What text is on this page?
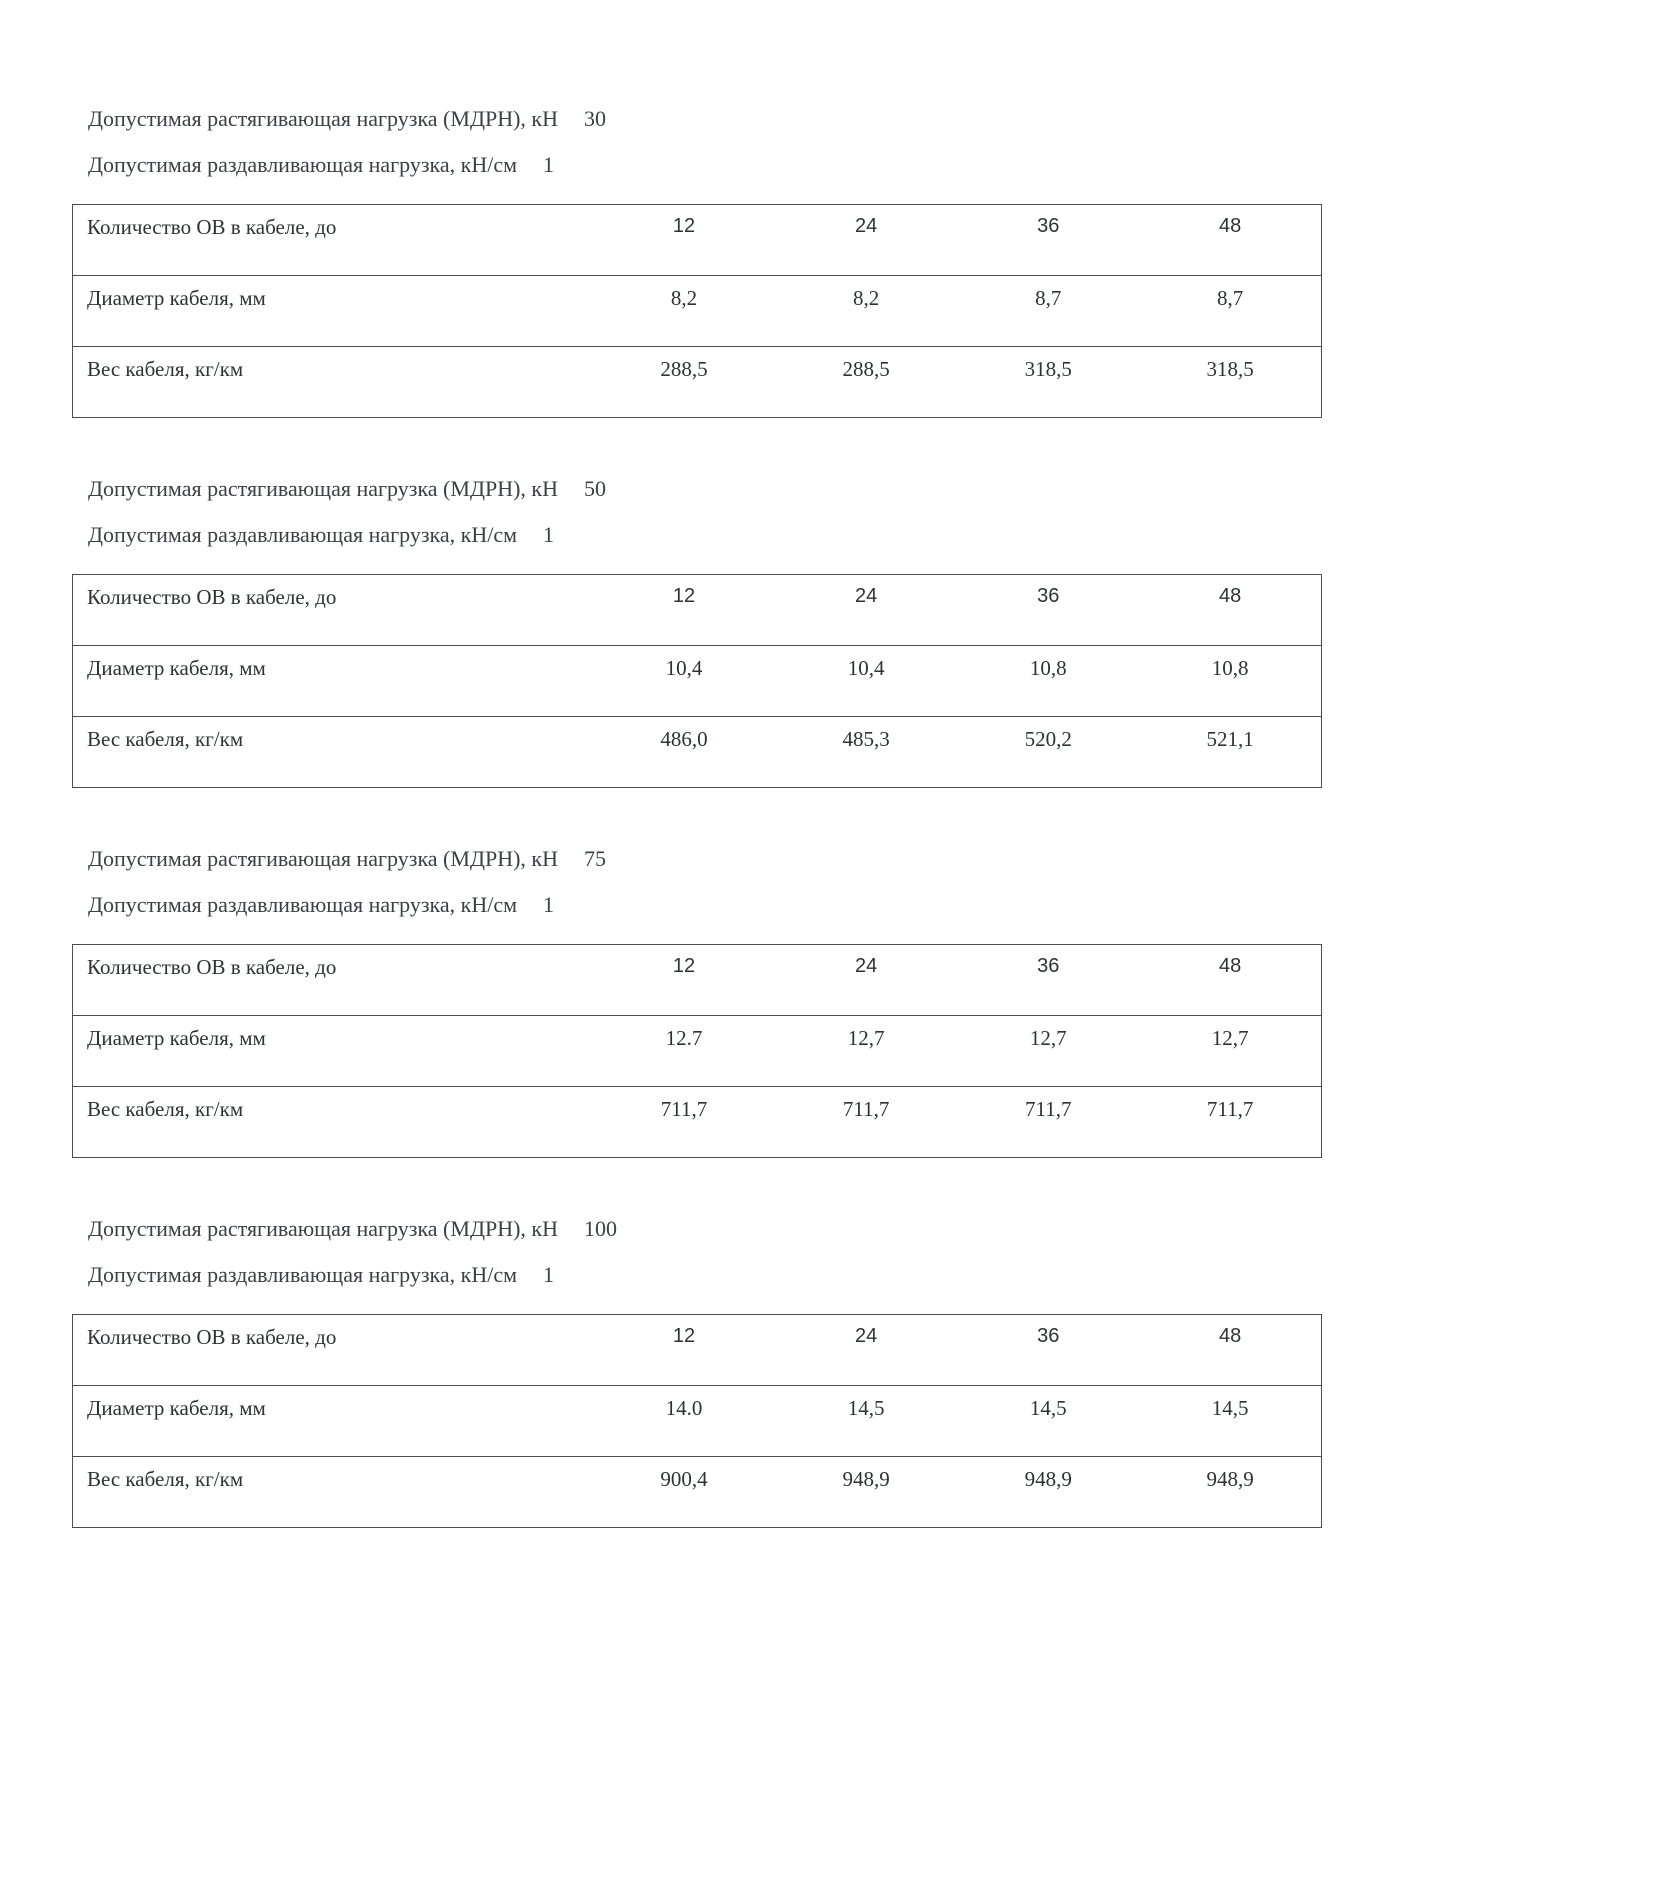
Допустимая растягивающая нагрузка (МДРН), кН 30

Допустимая раздавливающая нагрузка, кН/см 1

Количество ОВ в кабеле, до	12	24	36	48
Диаметр кабеля, мм	8,2	8,2	8,7	8,7
Вес кабеля, кг/км	288,5	288,5	318,5	318,5

Допустимая растягивающая нагрузка (МДРН), кН 50

Допустимая раздавливающая нагрузка, кН/см 1

Количество ОВ в кабеле, до	12	24	36	48
Диаметр кабеля, мм	10,4	10,4	10,8	10,8
Вес кабеля, кг/км	486,0	485,3	520,2	521,1

Допустимая растягивающая нагрузка (МДРН), кН 75

Допустимая раздавливающая нагрузка, кН/см 1

Количество ОВ в кабеле, до	12	24	36	48
Диаметр кабеля, мм	12.7	12,7	12,7	12,7
Вес кабеля, кг/км	711,7	711,7	711,7	711,7

Допустимая растягивающая нагрузка (МДРН), кН 100

Допустимая раздавливающая нагрузка, кН/см 1

Количество ОВ в кабеле, до	12	24	36	48
Диаметр кабеля, мм	14.0	14,5	14,5	14,5
Вес кабеля, кг/км	900,4	948,9	948,9	948,9
